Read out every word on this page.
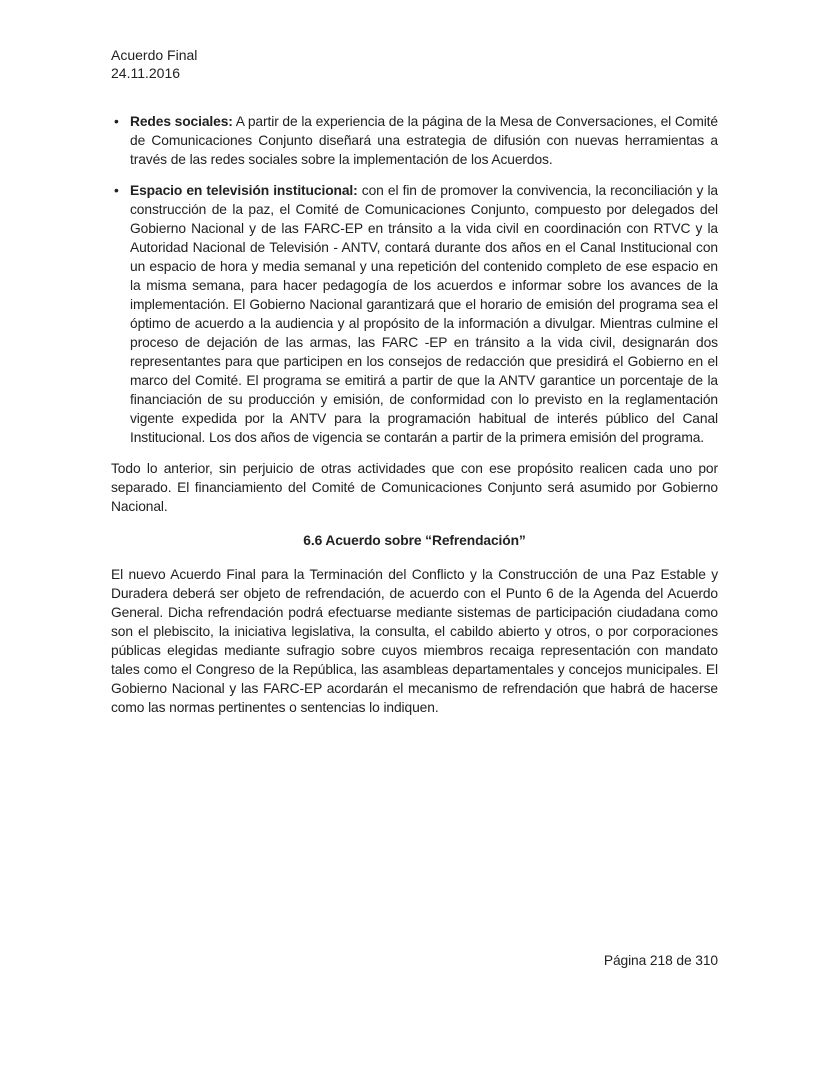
Acuerdo Final
24.11.2016
• Redes sociales: A partir de la experiencia de la página de la Mesa de Conversaciones, el Comité de Comunicaciones Conjunto diseñará una estrategia de difusión con nuevas herramientas a través de las redes sociales sobre la implementación de los Acuerdos.
• Espacio en televisión institucional: con el fin de promover la convivencia, la reconciliación y la construcción de la paz, el Comité de Comunicaciones Conjunto, compuesto por delegados del Gobierno Nacional y de las FARC-EP en tránsito a la vida civil en coordinación con RTVC y la Autoridad Nacional de Televisión - ANTV, contará durante dos años en el Canal Institucional con un espacio de hora y media semanal y una repetición del contenido completo de ese espacio en la misma semana, para hacer pedagogía de los acuerdos e informar sobre los avances de la implementación. El Gobierno Nacional garantizará que el horario de emisión del programa sea el óptimo de acuerdo a la audiencia y al propósito de la información a divulgar. Mientras culmine el proceso de dejación de las armas, las FARC -EP en tránsito a la vida civil, designarán dos representantes para que participen en los consejos de redacción que presidirá el Gobierno en el marco del Comité. El programa se emitirá a partir de que la ANTV garantice un porcentaje de la financiación de su producción y emisión, de conformidad con lo previsto en la reglamentación vigente expedida por la ANTV para la programación habitual de interés público del Canal Institucional. Los dos años de vigencia se contarán a partir de la primera emisión del programa.

Todo lo anterior, sin perjuicio de otras actividades que con ese propósito realicen cada uno por separado. El financiamiento del Comité de Comunicaciones Conjunto será asumido por Gobierno Nacional.

6.6 Acuerdo sobre “Refrendación”

El nuevo Acuerdo Final para la Terminación del Conflicto y la Construcción de una Paz Estable y Duradera deberá ser objeto de refrendación, de acuerdo con el Punto 6 de la Agenda del Acuerdo General. Dicha refrendación podrá efectuarse mediante sistemas de participación ciudadana como son el plebiscito, la iniciativa legislativa, la consulta, el cabildo abierto y otros, o por corporaciones públicas elegidas mediante sufragio sobre cuyos miembros recaiga representación con mandato tales como el Congreso de la República, las asambleas departamentales y concejos municipales. El Gobierno Nacional y las FARC-EP acordarán el mecanismo de refrendación que habrá de hacerse como las normas pertinentes o sentencias lo indiquen.

Página 218 de 310
